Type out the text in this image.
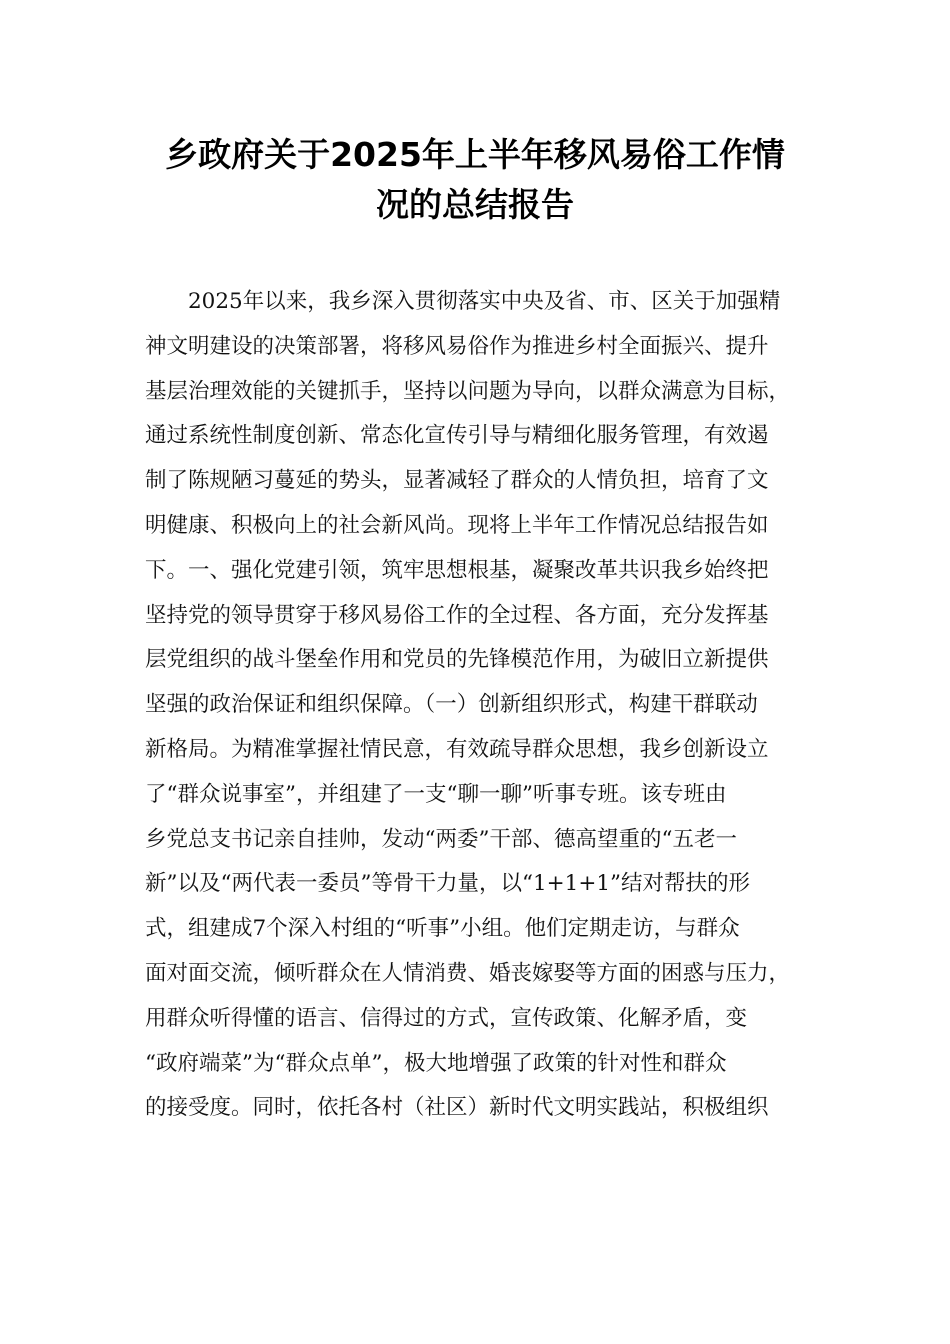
乡政府关于2025年上半年移风易俗工作情
况的总结报告
2025年以来，我乡深入贯彻落实中央及省、市、区关于加强精
神文明建设的决策部署，将移风易俗作为推进乡村全面振兴、提升
基层治理效能的关键抓手，坚持以问题为导向，以群众满意为目标，
通过系统性制度创新、常态化宣传引导与精细化服务管理，有效遏
制了陈规陋习蔓延的势头，显著减轻了群众的人情负担，培育了文
明健康、积极向上的社会新风尚。现将上半年工作情况总结报告如
下。一、强化党建引领，筑牢思想根基，凝聚改革共识我乡始终把
坚持党的领导贯穿于移风易俗工作的全过程、各方面，充分发挥基
层党组织的战斗堡垒作用和党员的先锋模范作用，为破旧立新提供
坚强的政治保证和组织保障。（一）创新组织形式，构建干群联动
新格局。为精准掌握社情民意，有效疏导群众思想，我乡创新设立
了“群众说事室”，并组建了一支“聊一聊”听事专班。该专班由
乡党总支书记亲自挂帅，发动“两委”干部、德高望重的“五老一
新”以及“两代表一委员”等骨干力量，以“1+1+1”结对帮扶的形
式，组建成7个深入村组的“听事”小组。他们定期走访，与群众
面对面交流，倾听群众在人情消费、婚丧嫁娶等方面的困惑与压力，
用群众听得懂的语言、信得过的方式，宣传政策、化解矛盾，变
“政府端菜”为“群众点单”，极大地增强了政策的针对性和群众
的接受度。同时，依托各村（社区）新时代文明实践站，积极组织
